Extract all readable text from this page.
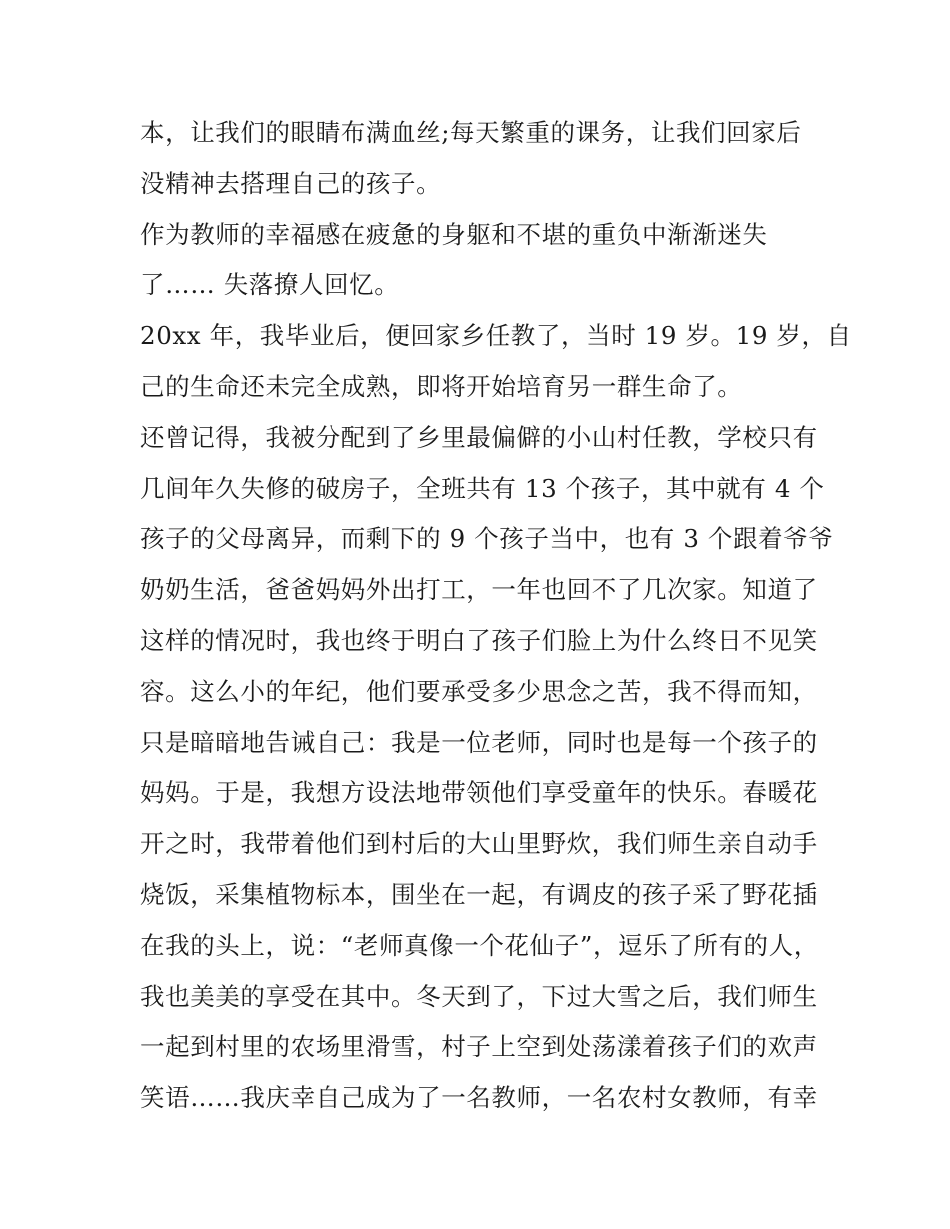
本，让我们的眼睛布满血丝;每天繁重的课务，让我们回家后
没精神去搭理自己的孩子。
作为教师的幸福感在疲惫的身躯和不堪的重负中渐渐迷失
了…… 失落撩人回忆。
20xx 年，我毕业后，便回家乡任教了，当时 19 岁。19 岁，自
己的生命还未完全成熟，即将开始培育另一群生命了。
还曾记得，我被分配到了乡里最偏僻的小山村任教，学校只有
几间年久失修的破房子，全班共有 13 个孩子，其中就有 4 个
孩子的父母离异，而剩下的 9 个孩子当中，也有 3 个跟着爷爷
奶奶生活，爸爸妈妈外出打工，一年也回不了几次家。知道了
这样的情况时，我也终于明白了孩子们脸上为什么终日不见笑
容。这么小的年纪，他们要承受多少思念之苦，我不得而知，
只是暗暗地告诫自己：我是一位老师，同时也是每一个孩子的
妈妈。于是，我想方设法地带领他们享受童年的快乐。春暖花
开之时，我带着他们到村后的大山里野炊，我们师生亲自动手
烧饭，采集植物标本，围坐在一起，有调皮的孩子采了野花插
在我的头上，说：“老师真像一个花仙子”，逗乐了所有的人，
我也美美的享受在其中。冬天到了，下过大雪之后，我们师生
一起到村里的农场里滑雪，村子上空到处荡漾着孩子们的欢声
笑语……我庆幸自己成为了一名教师，一名农村女教师，有幸
